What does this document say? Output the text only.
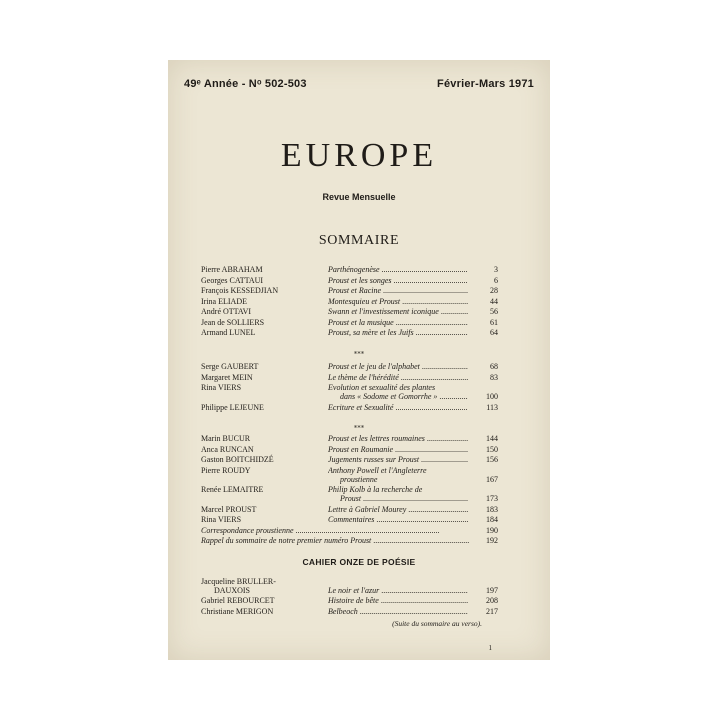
49ᵉ Année - Nᵒ 502-503	Février-Mars 1971
EUROPE
Revue Mensuelle
SOMMAIRE
Pierre ABRAHAM	Parthénogenèse .....	3
Georges CATTAUI	Proust et les songes .....	6
François KESSEDJIAN	Proust et Racine .....	28
Irina ELIADE	Montesquieu et Proust .....	44
André OTTAVI	Swann et l'investissement iconique .....	56
Jean de SOLLIERS	Proust et la musique .....	61
Armand LUNEL	Proust, sa mère et les Juifs .....	64
⁎⁎⁎
Serge GAUBERT	Proust et le jeu de l'alphabet .....	68
Margaret MEIN	Le thème de l'hérédité .....	83
Rina VIERS	Evolution et sexualité des plantes
dans « Sodome et Gomorrhe » .....	100
Philippe LEJEUNE	Ecriture et Sexualité .....	113
⁎⁎⁎
Marin BUCUR	Proust et les lettres roumaines .....	144
Anca RUNCAN	Proust en Roumanie .....	150
Gaston BOITCHIDZÉ	Jugements russes sur Proust .....	156
Pierre ROUDY	Anthony Powell et l'Angleterre
proustienne	167
Renée LEMAITRE	Philip Kolb à la recherche de
Proust .....	173
Marcel PROUST	Lettre à Gabriel Mourey .....	183
Rina VIERS	Commentaires .....	184
Correspondance proustienne .....	190
Rappel du sommaire de notre premier numéro Proust .....	192
CAHIER ONZE DE POÉSIE
Jacqueline BRULLER-
DAUXOIS	Le noir et l'azur .....	197
Gabriel REBOURCET	Histoire de bête .....	208
Christiane MERIGON	Belbeoch .....	217
(Suite du sommaire au verso).
1
